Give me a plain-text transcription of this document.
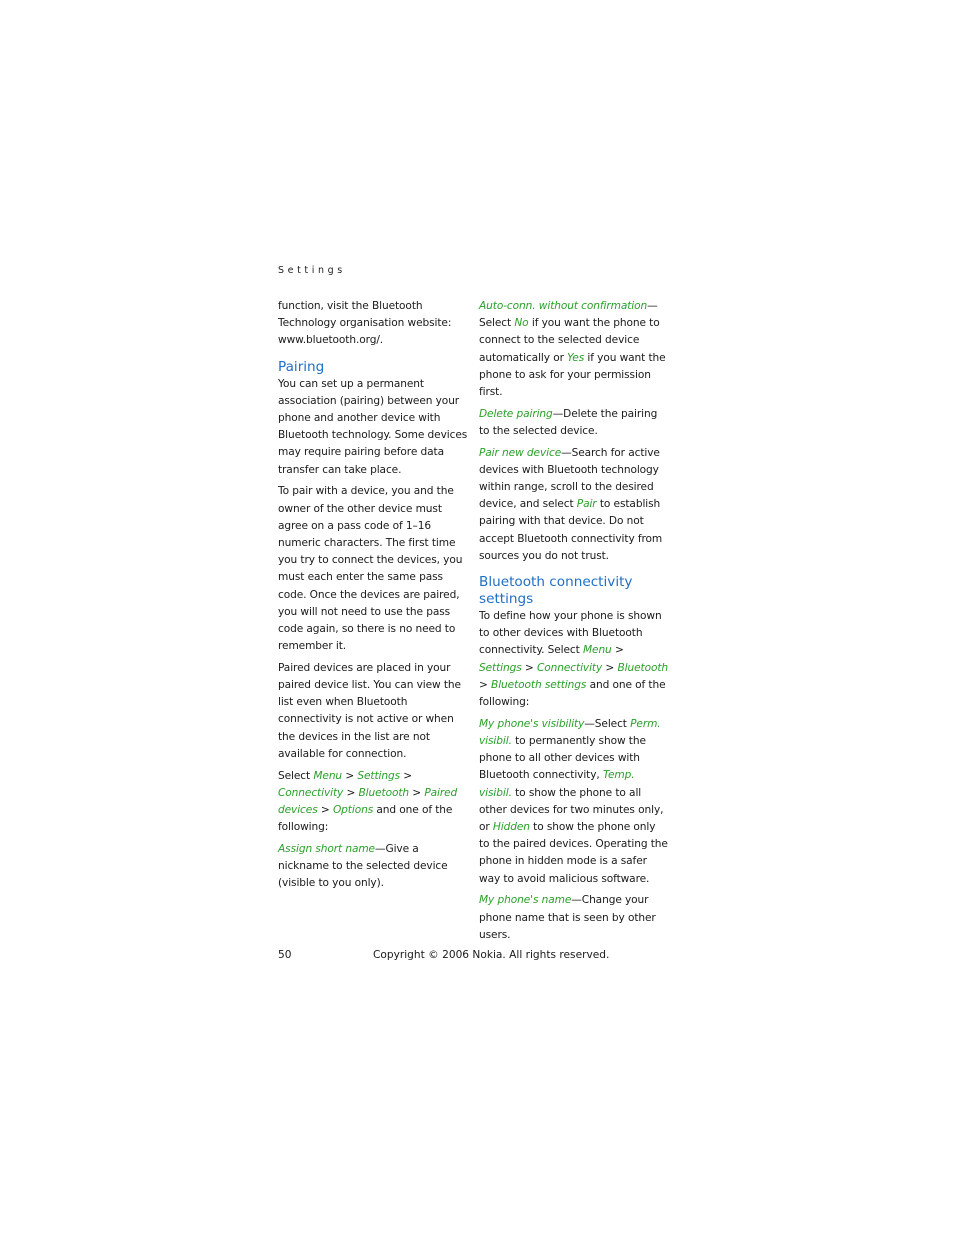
Settings

function, visit the Bluetooth Technology organisation website: www.bluetooth.org/.

Pairing

You can set up a permanent association (pairing) between your phone and another device with Bluetooth technology. Some devices may require pairing before data transfer can take place.

To pair with a device, you and the owner of the other device must agree on a pass code of 1–16 numeric characters. The first time you try to connect the devices, you must each enter the same pass code. Once the devices are paired, you will not need to use the pass code again, so there is no need to remember it.

Paired devices are placed in your paired device list. You can view the list even when Bluetooth connectivity is not active or when the devices in the list are not available for connection.

Select Menu > Settings > Connectivity > Bluetooth > Paired devices > Options and one of the following:

Assign short name—Give a nickname to the selected device (visible to you only).

Auto-conn. without confirmation—
Select No if you want the phone to connect to the selected device automatically or Yes if you want the phone to ask for your permission first.

Delete pairing—Delete the pairing to the selected device.

Pair new device—Search for active devices with Bluetooth technology within range, scroll to the desired device, and select Pair to establish pairing with that device. Do not accept Bluetooth connectivity from sources you do not trust.

Bluetooth connectivity settings

To define how your phone is shown to other devices with Bluetooth connectivity. Select Menu > Settings > Connectivity > Bluetooth > Bluetooth settings and one of the following:

My phone's visibility—Select Perm. visibil. to permanently show the phone to all other devices with Bluetooth connectivity, Temp. visibil. to show the phone to all other devices for two minutes only, or Hidden to show the phone only to the paired devices. Operating the phone in hidden mode is a safer way to avoid malicious software.

My phone's name—Change your phone name that is seen by other users.

50	Copyright © 2006 Nokia. All rights reserved.
